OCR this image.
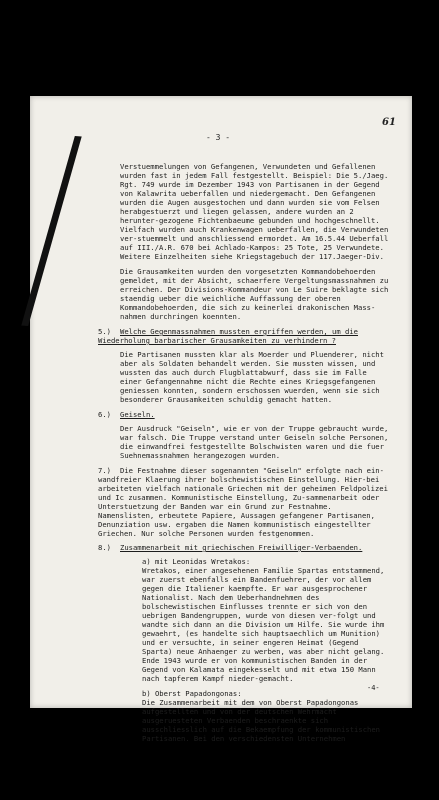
61
- 3 -

Verstuemmelungen von Gefangenen, Verwundeten und Gefallenen wurden fast in jedem Fall festgestellt. Beispiel: Die 5./Jaeg. Rgt. 749 wurde im Dezember 1943 von Partisanen in der Gegend von Kalawrita ueberfallen und niedergemacht. Den Gefangenen wurden die Augen ausgestochen und dann wurden sie vom Felsen herabgestuerzt und liegen gelassen, andere wurden an 2 herunter-gezogene Fichtenbaeume gebunden und hochgeschnellt. Vielfach wurden auch Krankenwagen ueberfallen, die Verwundeten ver-stuemmelt und anschliessend ermordet. Am 16.5.44 Ueberfall auf III./A.R. 670 bei Achlado-Kampos: 25 Tote, 25 Verwundete. Weitere Einzelheiten siehe Kriegstagebuch der 117.Jaeger-Div.

Die Grausamkeiten wurden den vorgesetzten Kommandobehoerden gemeldet, mit der Absicht, schaerfere Vergeltungsmassnahmen zu erreichen. Der Divisions-Kommandeur von Le Suire beklagte sich staendig ueber die weichliche Auffassung der oberen Kommandobehoerden, die sich zu keinerlei drakonischen Mass-nahmen durchringen koennten.

5.) Welche Gegenmassnahmen mussten ergriffen werden, um die Wiederholung barbarischer Grausamkeiten zu verhindern ?

Die Partisanen mussten klar als Moerder und Pluenderer, nicht aber als Soldaten behandelt werden. Sie mussten wissen, und wussten das auch durch Flugblattabwurf, dass sie im Falle einer Gefangennahme nicht die Rechte eines Kriegsgefangenen geniessen konnten, sondern erschossen wuerden, wenn sie sich besonderer Grausamkeiten schuldig gemacht hatten.

6.) Geiseln.

Der Ausdruck "Geiseln", wie er von der Truppe gebraucht wurde, war falsch. Die Truppe verstand unter Geiseln solche Personen, die einwandfrei festgestellte Bolschwisten waren und die fuer Suehnemassnahmen herangezogen wurden.

7.) Die Festnahme dieser sogenannten "Geiseln" erfolgte nach ein-wandfreier Klaerung ihrer bolschewistischen Einstellung. Hier-bei arbeiteten vielfach nationale Griechen mit der geheimen Feldpolizei und Ic zusammen. Kommunistische Einstellung, Zu-sammenarbeit oder Unterstuetzung der Banden war ein Grund zur Festnahme. Namenslisten, erbeutete Papiere, Aussagen gefangener Partisanen, Denunziation usw. ergaben die Namen kommunistisch eingestellter Griechen. Nur solche Personen wurden festgenommen.

8.) Zusammenarbeit mit griechischen Freiwilliger-Verbaenden.

a) mit Leonidas Wretakos:

Wretakos, einer angesehenen Familie Spartas entstammend, war zuerst ebenfalls ein Bandenfuehrer, der vor allem gegen die Italiener kaempfte. Er war ausgesprochener Nationalist. Nach dem Ueberhandnehmen des bolschewistischen Einflusses trennte er sich von den uebrigen Bandengruppen, wurde von diesen ver-folgt und wandte sich dann an die Division um Hilfe. Sie wurde ihm gewaehrt, (es handelte sich hauptsaechlich um Munition) und er versuchte, in seiner engeren Heimat (Gegend Sparta) neue Anhaenger zu werben, was aber nicht gelang. Ende 1943 wurde er von kommunistischen Banden in der Gegend von Kalamata eingekesselt und mit etwa 150 Mann nach tapferem Kampf nieder-gemacht.

b) Oberst Papadongonas:

Die Zusammenarbeit mit dem von Oberst Papadongonas aufgestellten und von der deutschen Wehrmacht ausgeruesteten Verbaenden beschraenkte sich ausschliesslich auf die Bekaempfung der kommunistischen Partisanen. Bei den verschiedensten Unternehmen

-4-
